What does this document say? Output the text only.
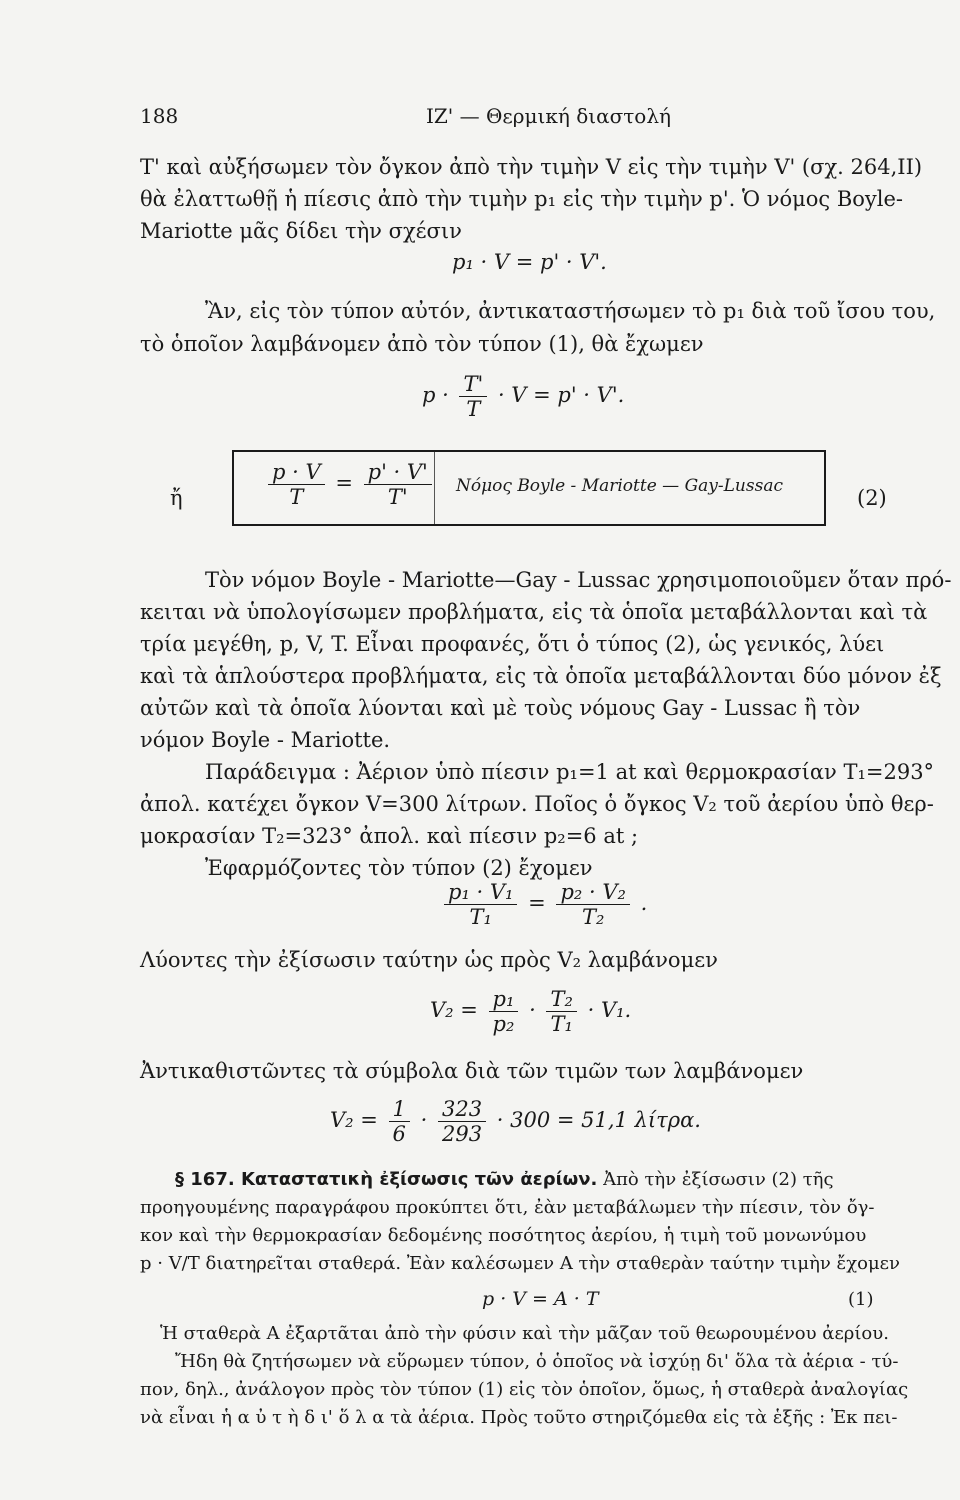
188	ΙΖ' — Θερμική διαστολή
T' καὶ αὐξήσωμεν τὸν ὄγκον ἀπὸ τὴν τιμὴν V εἰς τὴν τιμὴν V' (σχ. 264,II)
θὰ ἐλαττωθῇ ἡ πίεσις ἀπὸ τὴν τιμὴν p₁ εἰς τὴν τιμὴν p'. Ὁ νόμος Boyle-
Mariotte μᾶς δίδει τὴν σχέσιν
p₁ · V = p' · V'.
Ἂν, εἰς τὸν τύπον αὐτόν, ἀντικαταστήσωμεν τὸ p₁ διὰ τοῦ ἴσου του,
τὸ ὁποῖον λαμβάνομεν ἀπὸ τὸν τύπον (1), θὰ ἔχωμεν
$p \cdot \frac{T'}{T} \cdot V = p' \cdot V'$.
ἤ	$\frac{p \cdot V}{T} = \frac{p' \cdot V'}{T'}$ Νόμος Boyle - Mariotte — Gay-Lussac	(2)
Τὸν νόμον Boyle - Mariotte—Gay - Lussac χρησιμοποιοῦμεν ὅταν πρό-
κειται νὰ ὑπολογίσωμεν προβλήματα, εἰς τὰ ὁποῖα μεταβάλλονται καὶ τὰ
τρία μεγέθη, p, V, T. Εἶναι προφανές, ὅτι ὁ τύπος (2), ὡς γενικός, λύει
καὶ τὰ ἁπλούστερα προβλήματα, εἰς τὰ ὁποῖα μεταβάλλονται δύο μόνον ἐξ
αὐτῶν καὶ τὰ ὁποῖα λύονται καὶ μὲ τοὺς νόμους Gay - Lussac ἢ τὸν
νόμον Boyle - Mariotte.
Παράδειγμα : Ἀέριον ὑπὸ πίεσιν p₁=1 at καὶ θερμοκρασίαν T₁=293°
ἀπολ. κατέχει ὄγκον V=300 λίτρων. Ποῖος ὁ ὄγκος V₂ τοῦ ἀερίου ὑπὸ θερ-
μοκρασίαν T₂=323° ἀπολ. καὶ πίεσιν p₂=6 at ;
Ἐφαρμόζοντες τὸν τύπον (2) ἔχομεν
$\frac{\text{p₁ · V₁}}{\text{T₁}} = \frac{\text{p₂ · V₂}}{\text{T₂}}$ .
Λύοντες τὴν ἐξίσωσιν ταύτην ὡς πρὸς V₂ λαμβάνομεν
$V_2 = \frac{\text{p₁}}{\text{p₂}} \cdot \frac{\text{T₂}}{\text{T₁}} \cdot V_1$.
Ἀντικαθιστῶντες τὰ σύμβολα διὰ τῶν τιμῶν των λαμβάνομεν
$V_2 = \frac{1}{6} \cdot \frac{323}{293} \cdot 300 = 51,1$ λίτρα.
§ 167. Καταστατικὴ ἐξίσωσις τῶν ἀερίων. Ἀπὸ τὴν ἐξίσωσιν (2) τῆς
προηγουμένης παραγράφου προκύπτει ὅτι, ἐὰν μεταβάλωμεν τὴν πίεσιν, τὸν ὄγ-
κον καὶ τὴν θερμοκρασίαν δεδομένης ποσότητος ἀερίου, ἡ τιμὴ τοῦ μονωνύμου
p · V/T διατηρεῖται σταθερά. Ἐὰν καλέσωμεν A τὴν σταθερὰν ταύτην τιμὴν ἔχομεν
p · V = A · T	(1)
Ἡ σταθερὰ A ἐξαρτᾶται ἀπὸ τὴν φύσιν καὶ τὴν μᾶζαν τοῦ θεωρουμένου ἀερίου.
Ἤδη θὰ ζητήσωμεν νὰ εὕρωμεν τύπον, ὁ ὁποῖος νὰ ἰσχύῃ δι' ὅλα τὰ ἀέρια - τύ-
πον, δηλ., ἀνάλογον πρὸς τὸν τύπον (1) εἰς τὸν ὁποῖον, ὅμως, ἡ σταθερὰ ἀναλογίας
νὰ εἶναι ἡ α ὐ τ ὴ δ ι' ὅ λ α τὰ ἀέρια. Πρὸς τοῦτο στηριζόμεθα εἰς τὰ ἑξῆς : Ἐκ πει-
